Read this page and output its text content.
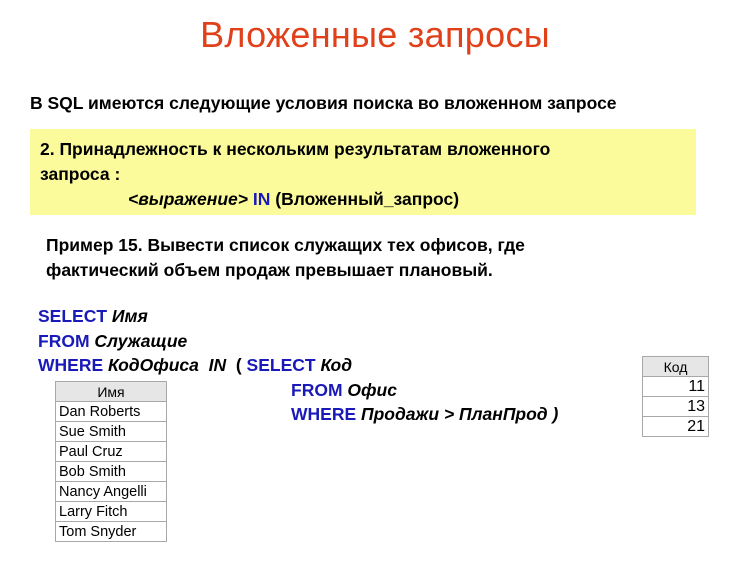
Вложенные запросы
В SQL имеются следующие условия поиска во вложенном запросе
2. Принадлежность к нескольким результатам вложенного
запроса :
<выражение> IN (Вложенный_запрос)
Пример 15. Вывести список служащих тех офисов, где
фактический объем продаж превышает плановый.
SELECT Имя
FROM Служащие
WHERE КодОфиса IN ( SELECT Код
FROM Офис
WHERE Продажи > ПланПрод )
Имя
Dan Roberts
Sue Smith
Paul Cruz
Bob Smith
Nancy Angelli
Larry Fitch
Tom Snyder
Код
11
13
21
